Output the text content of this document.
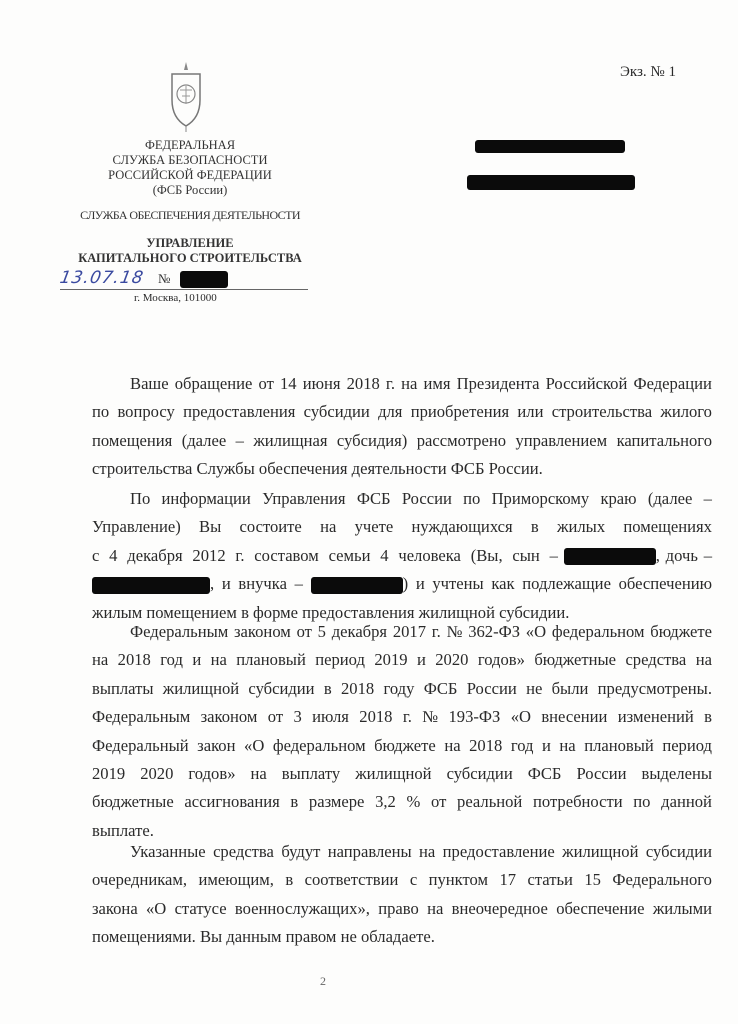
Экз. № 1
ФЕДЕРАЛЬНАЯ
СЛУЖБА БЕЗОПАСНОСТИ
РОССИЙСКОЙ ФЕДЕРАЦИИ
(ФСБ России)
СЛУЖБА ОБЕСПЕЧЕНИЯ ДЕЯТЕЛЬНОСТИ
УПРАВЛЕНИЕ
КАПИТАЛЬНОГО СТРОИТЕЛЬСТВА
13.07.18 №
г. Москва, 101000
Ваше обращение от 14 июня 2018 г. на имя Президента Российской Федерации
по вопросу предоставления субсидии для приобретения или строительства жилого
помещения (далее – жилищная субсидия) рассмотрено управлением капитального
строительства Службы обеспечения деятельности ФСБ России.
По информации Управления ФСБ России по Приморскому краю (далее –
Управление) Вы состоите на учете нуждающихся в жилых помещениях
с 4 декабря 2012 г. составом семьи 4 человека (Вы, сын –	, дочь –
, и внучка –	) и учтены как подлежащие обеспечению
жилым помещением в форме предоставления жилищной субсидии.
Федеральным законом от 5 декабря 2017 г. № 362-ФЗ «О федеральном бюджете
на 2018 год и на плановый период 2019 и 2020 годов» бюджетные средства на
выплаты жилищной субсидии в 2018 году ФСБ России не были предусмотрены.
Федеральным законом от 3 июля 2018 г. № 193-ФЗ «О внесении изменений в
Федеральный закон «О федеральном бюджете на 2018 год и на плановый период
2019 2020 годов» на выплату жилищной субсидии ФСБ России выделены
бюджетные ассигнования в размере 3,2 % от реальной потребности по данной
выплате.
Указанные средства будут направлены на предоставление жилищной субсидии
очередникам, имеющим, в соответствии с пунктом 17 статьи 15 Федерального
закона «О статусе военнослужащих», право на внеочередное обеспечение жилыми
помещениями. Вы данным правом не обладаете.
2
